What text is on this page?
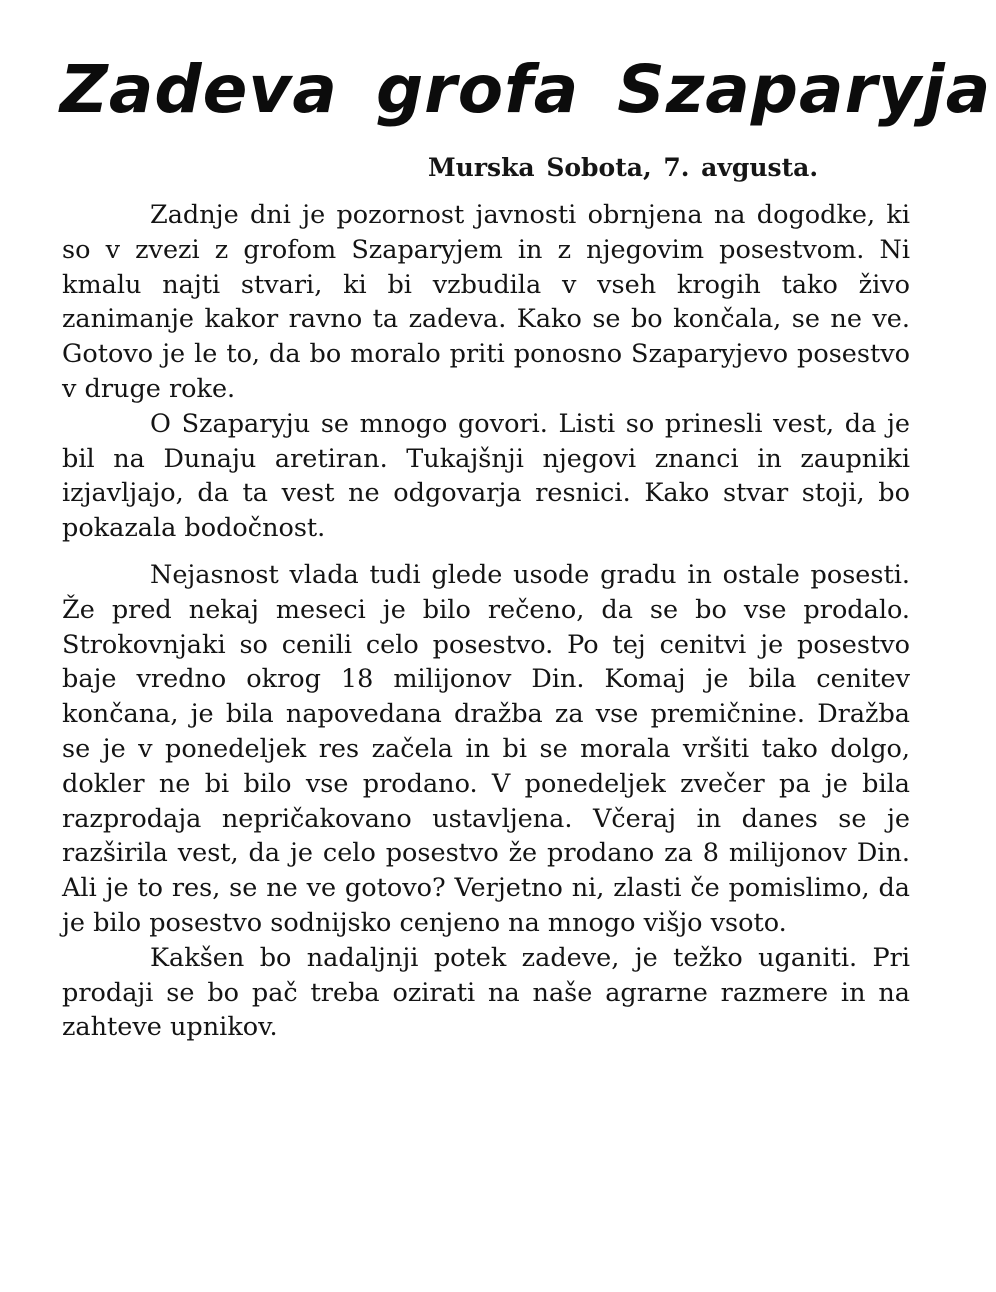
Zadeva grofa Szaparyja

Murska Sobota, 7. avgusta.

Zadnje dni je pozornost javnosti obrnjena na dogodke, ki so v zvezi z grofom Szaparyjem in z njegovim posestvom. Ni kmalu najti stvari, ki bi vzbudila v vseh krogih tako živo zanimanje kakor ravno ta zadeva. Kako se bo končala, se ne ve. Gotovo je le to, da bo moralo priti ponosno Szaparyjevo posestvo v druge roke.

O Szaparyju se mnogo govori. Listi so prinesli vest, da je bil na Dunaju aretiran. Tukajšnji njegovi znanci in zaupniki izjavljajo, da ta vest ne odgovarja resnici. Kako stvar stoji, bo pokazala bodočnost.

Nejasnost vlada tudi glede usode gradu in ostale posesti. Že pred nekaj meseci je bilo rečeno, da se bo vse prodalo. Strokovnjaki so cenili celo posestvo. Po tej cenitvi je posestvo baje vredno okrog 18 milijonov Din. Komaj je bila cenitev končana, je bila napovedana dražba za vse premičnine. Dražba se je v ponedeljek res začela in bi se morala vršiti tako dolgo, dokler ne bi bilo vse prodano. V ponedeljek zvečer pa je bila razprodaja nepričakovano ustavljena. Včeraj in danes se je razširila vest, da je celo posestvo že prodano za 8 milijonov Din. Ali je to res, se ne ve gotovo? Verjetno ni, zlasti če pomislimo, da je bilo posestvo sodnijsko cenjeno na mnogo višjo vsoto.

Kakšen bo nadaljnji potek zadeve, je težko uganiti. Pri prodaji se bo pač treba ozirati na naše agrarne razmere in na zahteve upnikov.
